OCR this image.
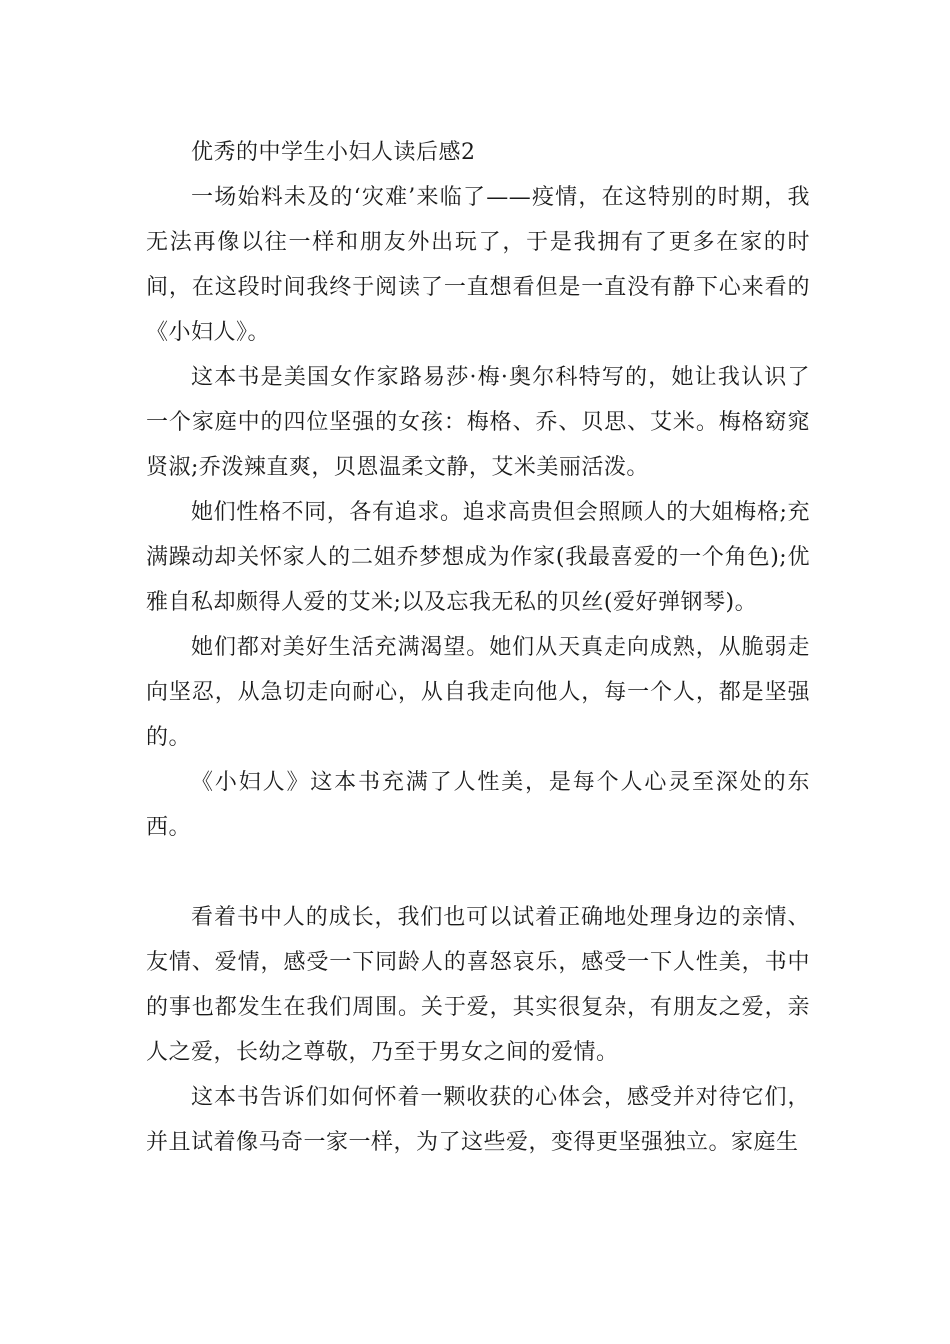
优秀的中学生小妇人读后感2

一场始料未及的‘灾难’来临了——疫情，在这特别的时期，我无法再像以往一样和朋友外出玩了，于是我拥有了更多在家的时间，在这段时间我终于阅读了一直想看但是一直没有静下心来看的《小妇人》。

这本书是美国女作家路易莎·梅·奥尔科特写的，她让我认识了一个家庭中的四位坚强的女孩：梅格、乔、贝思、艾米。梅格窈窕贤淑;乔泼辣直爽，贝恩温柔文静，艾米美丽活泼。

她们性格不同，各有追求。追求高贵但会照顾人的大姐梅格;充满躁动却关怀家人的二姐乔梦想成为作家(我最喜爱的一个角色);优雅自私却颇得人爱的艾米;以及忘我无私的贝丝(爱好弹钢琴)。

她们都对美好生活充满渴望。她们从天真走向成熟，从脆弱走向坚忍，从急切走向耐心，从自我走向他人，每一个人，都是坚强的。

《小妇人》这本书充满了人性美，是每个人心灵至深处的东西。

看着书中人的成长，我们也可以试着正确地处理身边的亲情、友情、爱情，感受一下同龄人的喜怒哀乐，感受一下人性美，书中的事也都发生在我们周围。关于爱，其实很复杂，有朋友之爱，亲人之爱，长幼之尊敬，乃至于男女之间的爱情。

这本书告诉们如何怀着一颗收获的心体会，感受并对待它们，并且试着像马奇一家一样，为了这些爱，变得更坚强独立。家庭生
